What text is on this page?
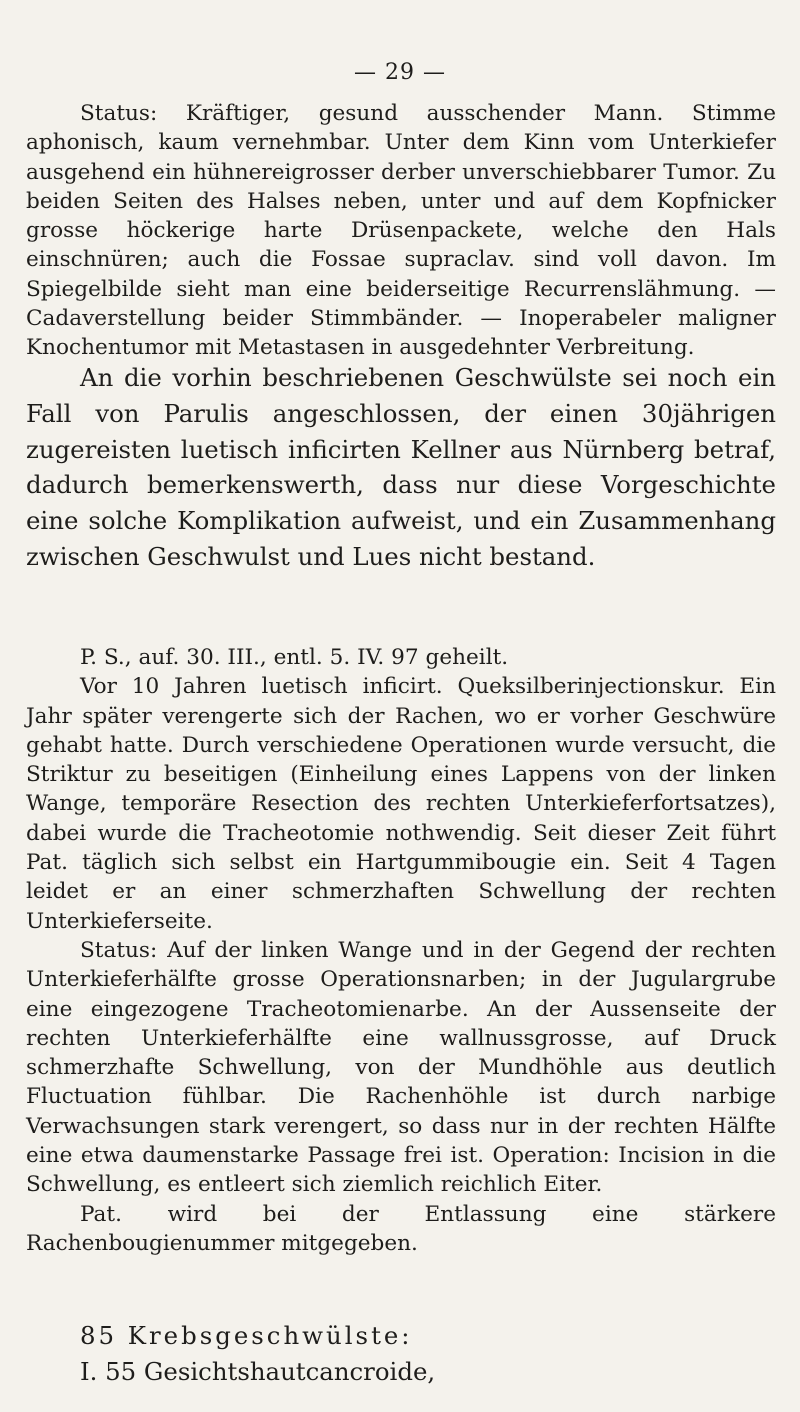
— 29 —

Status: Kräftiger, gesund ausschender Mann. Stimme aphonisch, kaum vernehmbar. Unter dem Kinn vom Unterkiefer ausgehend ein hühnereigrosser derber unverschiebbarer Tumor. Zu beiden Seiten des Halses neben, unter und auf dem Kopfnicker grosse höckerige harte Drüsenpackete, welche den Hals einschnüren; auch die Fossae supraclav. sind voll davon. Im Spiegelbilde sieht man eine beiderseitige Recurrenslähmung. — Cadaverstellung beider Stimmbänder. — Inoperabeler maligner Knochentumor mit Metastasen in ausgedehnter Verbreitung.

An die vorhin beschriebenen Geschwülste sei noch ein Fall von Parulis angeschlossen, der einen 30jährigen zugereisten luetisch inficirten Kellner aus Nürnberg betraf, dadurch bemerkenswerth, dass nur diese Vorgeschichte eine solche Komplikation aufweist, und ein Zusammenhang zwischen Geschwulst und Lues nicht bestand.

P. S., auf. 30. III., entl. 5. IV. 97 geheilt.

Vor 10 Jahren luetisch inficirt. Queksilberinjectionskur. Ein Jahr später verengerte sich der Rachen, wo er vorher Geschwüre gehabt hatte. Durch verschiedene Operationen wurde versucht, die Striktur zu beseitigen (Einheilung eines Lappens von der linken Wange, temporäre Resection des rechten Unterkieferfortsatzes), dabei wurde die Tracheotomie nothwendig. Seit dieser Zeit führt Pat. täglich sich selbst ein Hartgummibougie ein. Seit 4 Tagen leidet er an einer schmerzhaften Schwellung der rechten Unterkieferseite.

Status: Auf der linken Wange und in der Gegend der rechten Unterkieferhälfte grosse Operationsnarben; in der Jugulargrube eine eingezogene Tracheotomienarbe. An der Aussenseite der rechten Unterkieferhälfte eine wallnussgrosse, auf Druck schmerzhafte Schwellung, von der Mundhöhle aus deutlich Fluctuation fühlbar. Die Rachenhöhle ist durch narbige Verwachsungen stark verengert, so dass nur in der rechten Hälfte eine etwa daumenstarke Passage frei ist. Operation: Incision in die Schwellung, es entleert sich ziemlich reichlich Eiter.

Pat. wird bei der Entlassung eine stärkere Rachenbougienummer mitgegeben.

85 Krebsgeschwülste:

I. 55 Gesichtshautcancroide,
